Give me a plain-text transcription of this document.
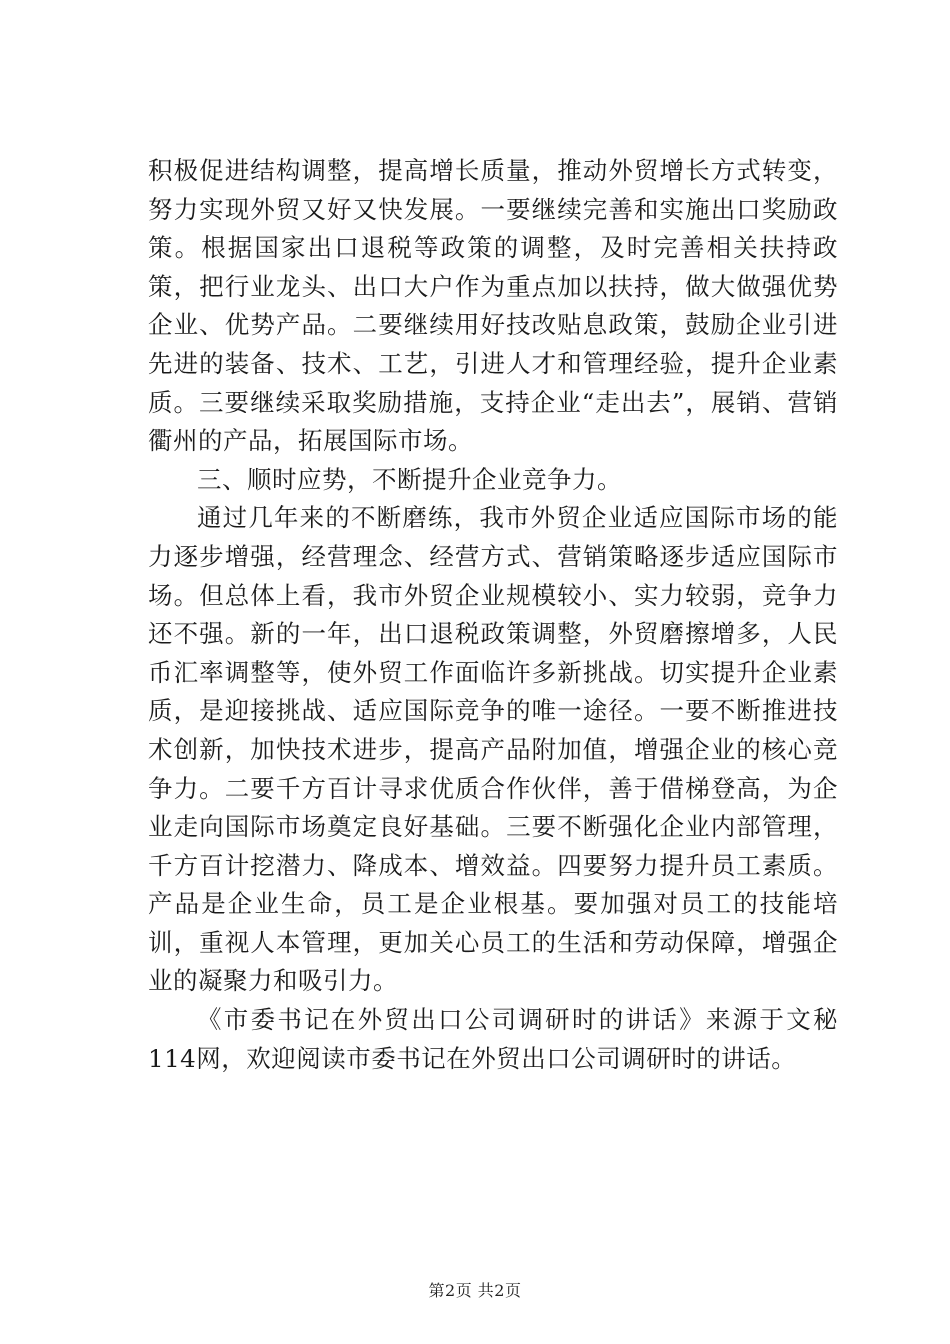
积极促进结构调整，提高增长质量，推动外贸增长方式转变，努力实现外贸又好又快发展。一要继续完善和实施出口奖励政策。根据国家出口退税等政策的调整，及时完善相关扶持政策，把行业龙头、出口大户作为重点加以扶持，做大做强优势企业、优势产品。二要继续用好技改贴息政策，鼓励企业引进先进的装备、技术、工艺，引进人才和管理经验，提升企业素质。三要继续采取奖励措施，支持企业“走出去”，展销、营销衢州的产品，拓展国际市场。

三、顺时应势，不断提升企业竞争力。

通过几年来的不断磨练，我市外贸企业适应国际市场的能力逐步增强，经营理念、经营方式、营销策略逐步适应国际市场。但总体上看，我市外贸企业规模较小、实力较弱，竞争力还不强。新的一年，出口退税政策调整，外贸磨擦增多，人民币汇率调整等，使外贸工作面临许多新挑战。切实提升企业素质，是迎接挑战、适应国际竞争的唯一途径。一要不断推进技术创新，加快技术进步，提高产品附加值，增强企业的核心竞争力。二要千方百计寻求优质合作伙伴，善于借梯登高，为企业走向国际市场奠定良好基础。三要不断强化企业内部管理，千方百计挖潜力、降成本、增效益。四要努力提升员工素质。产品是企业生命，员工是企业根基。要加强对员工的技能培训，重视人本管理，更加关心员工的生活和劳动保障，增强企业的凝聚力和吸引力。

《市委书记在外贸出口公司调研时的讲话》来源于文秘114网，欢迎阅读市委书记在外贸出口公司调研时的讲话。

第2页 共2页
